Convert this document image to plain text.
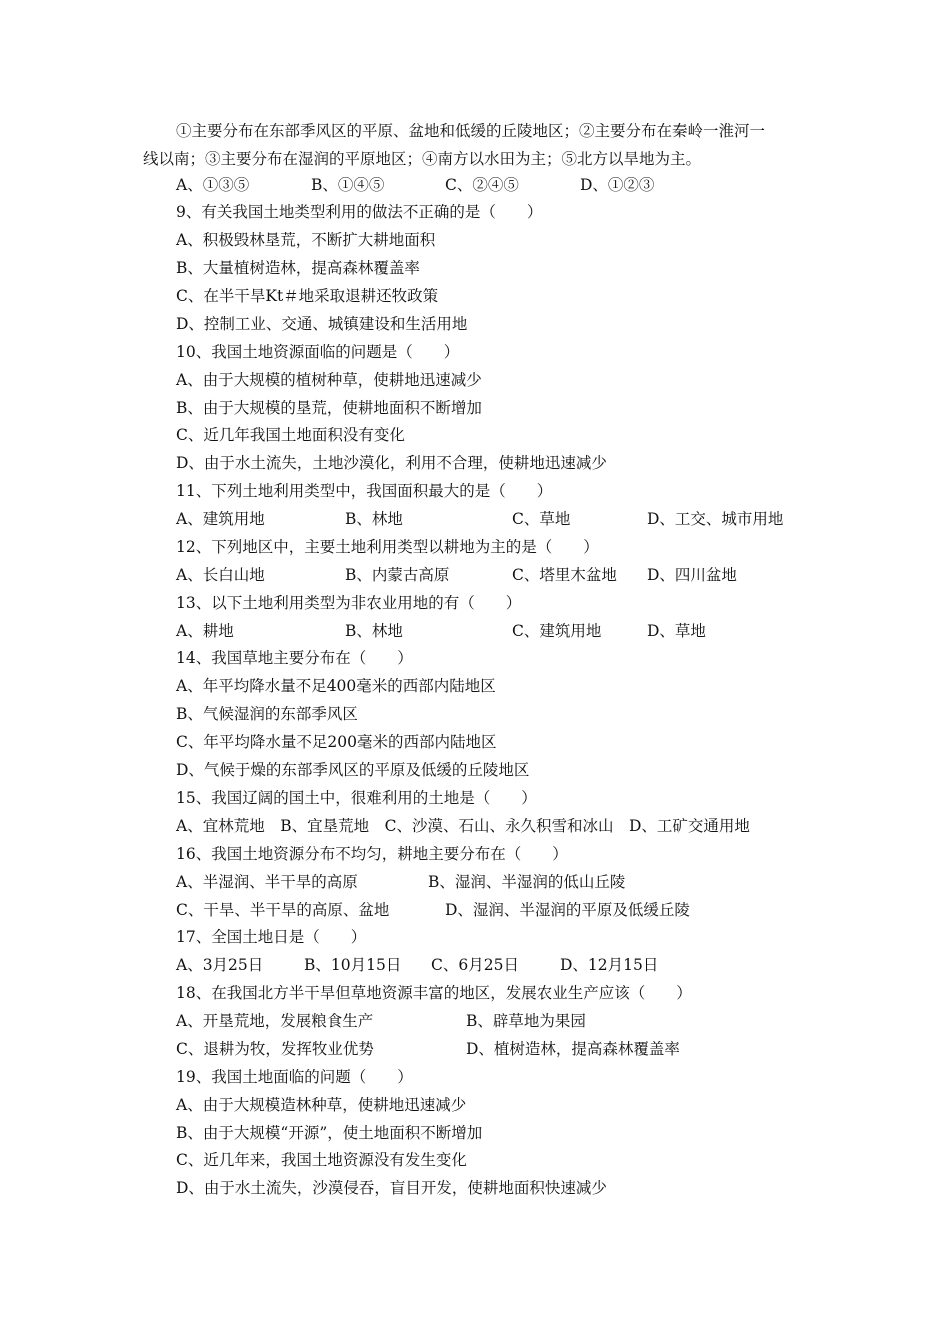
①主要分布在东部季风区的平原、盆地和低缓的丘陵地区；②主要分布在秦岭一淮河一
线以南；③主要分布在湿润的平原地区；④南方以水田为主；⑤北方以旱地为主。
A、①③⑤	B、①④⑤	C、②④⑤	D、①②③
9、有关我国土地类型利用的做法不正确的是（　　）
A、积极毁林垦荒，不断扩大耕地面积
B、大量植树造林，提高森林覆盖率
C、在半干旱Kt＃地采取退耕还牧政策
D、控制工业、交通、城镇建设和生活用地
10、我国土地资源面临的问题是（　　）
A、由于大规模的植树种草，使耕地迅速减少
B、由于大规模的垦荒，使耕地面积不断增加
C、近几年我国土地面积没有变化
D、由于水土流失，土地沙漠化，利用不合理，使耕地迅速减少
11、下列土地利用类型中，我国面积最大的是（　　）
A、建筑用地	B、林地	C、草地	D、工交、城市用地
12、下列地区中，主要土地利用类型以耕地为主的是（　　）
A、长白山地	B、内蒙古高原	C、塔里木盆地 D、四川盆地
13、以下土地利用类型为非农业用地的有（　　）
A、耕地	B、林地	C、建筑用地	D、草地
14、我国草地主要分布在（　　）
A、年平均降水量不足400毫米的西部内陆地区
B、气候湿润的东部季风区
C、年平均降水量不足200毫米的西部内陆地区
D、气候于燥的东部季风区的平原及低缓的丘陵地区
15、我国辽阔的国土中，很难利用的土地是（　　）
A、宜林荒地　B、宜垦荒地　C、沙漠、石山、永久积雪和冰山　D、工矿交通用地
16、我国土地资源分布不均匀，耕地主要分布在（　　）
A、半湿润、半干旱的高原	B、湿润、半湿润的低山丘陵
C、干旱、半干旱的高原、盆地	D、湿润、半湿润的平原及低缓丘陵
17、全国土地日是（　　）
A、3月25日	B、10月15日 C、6月25日	D、12月15日
18、在我国北方半干旱但草地资源丰富的地区，发展农业生产应该（　　）
A、开垦荒地，发展粮食生产	B、辟草地为果园
C、退耕为牧，发挥牧业优势	D、植树造林，提高森林覆盖率
19、我国土地面临的问题（　　）
A、由于大规模造林种草，使耕地迅速减少
B、由于大规模“开源”，使土地面积不断增加
C、近几年来，我国土地资源没有发生变化
D、由于水土流失，沙漠侵吞，盲目开发，使耕地面积快速减少
